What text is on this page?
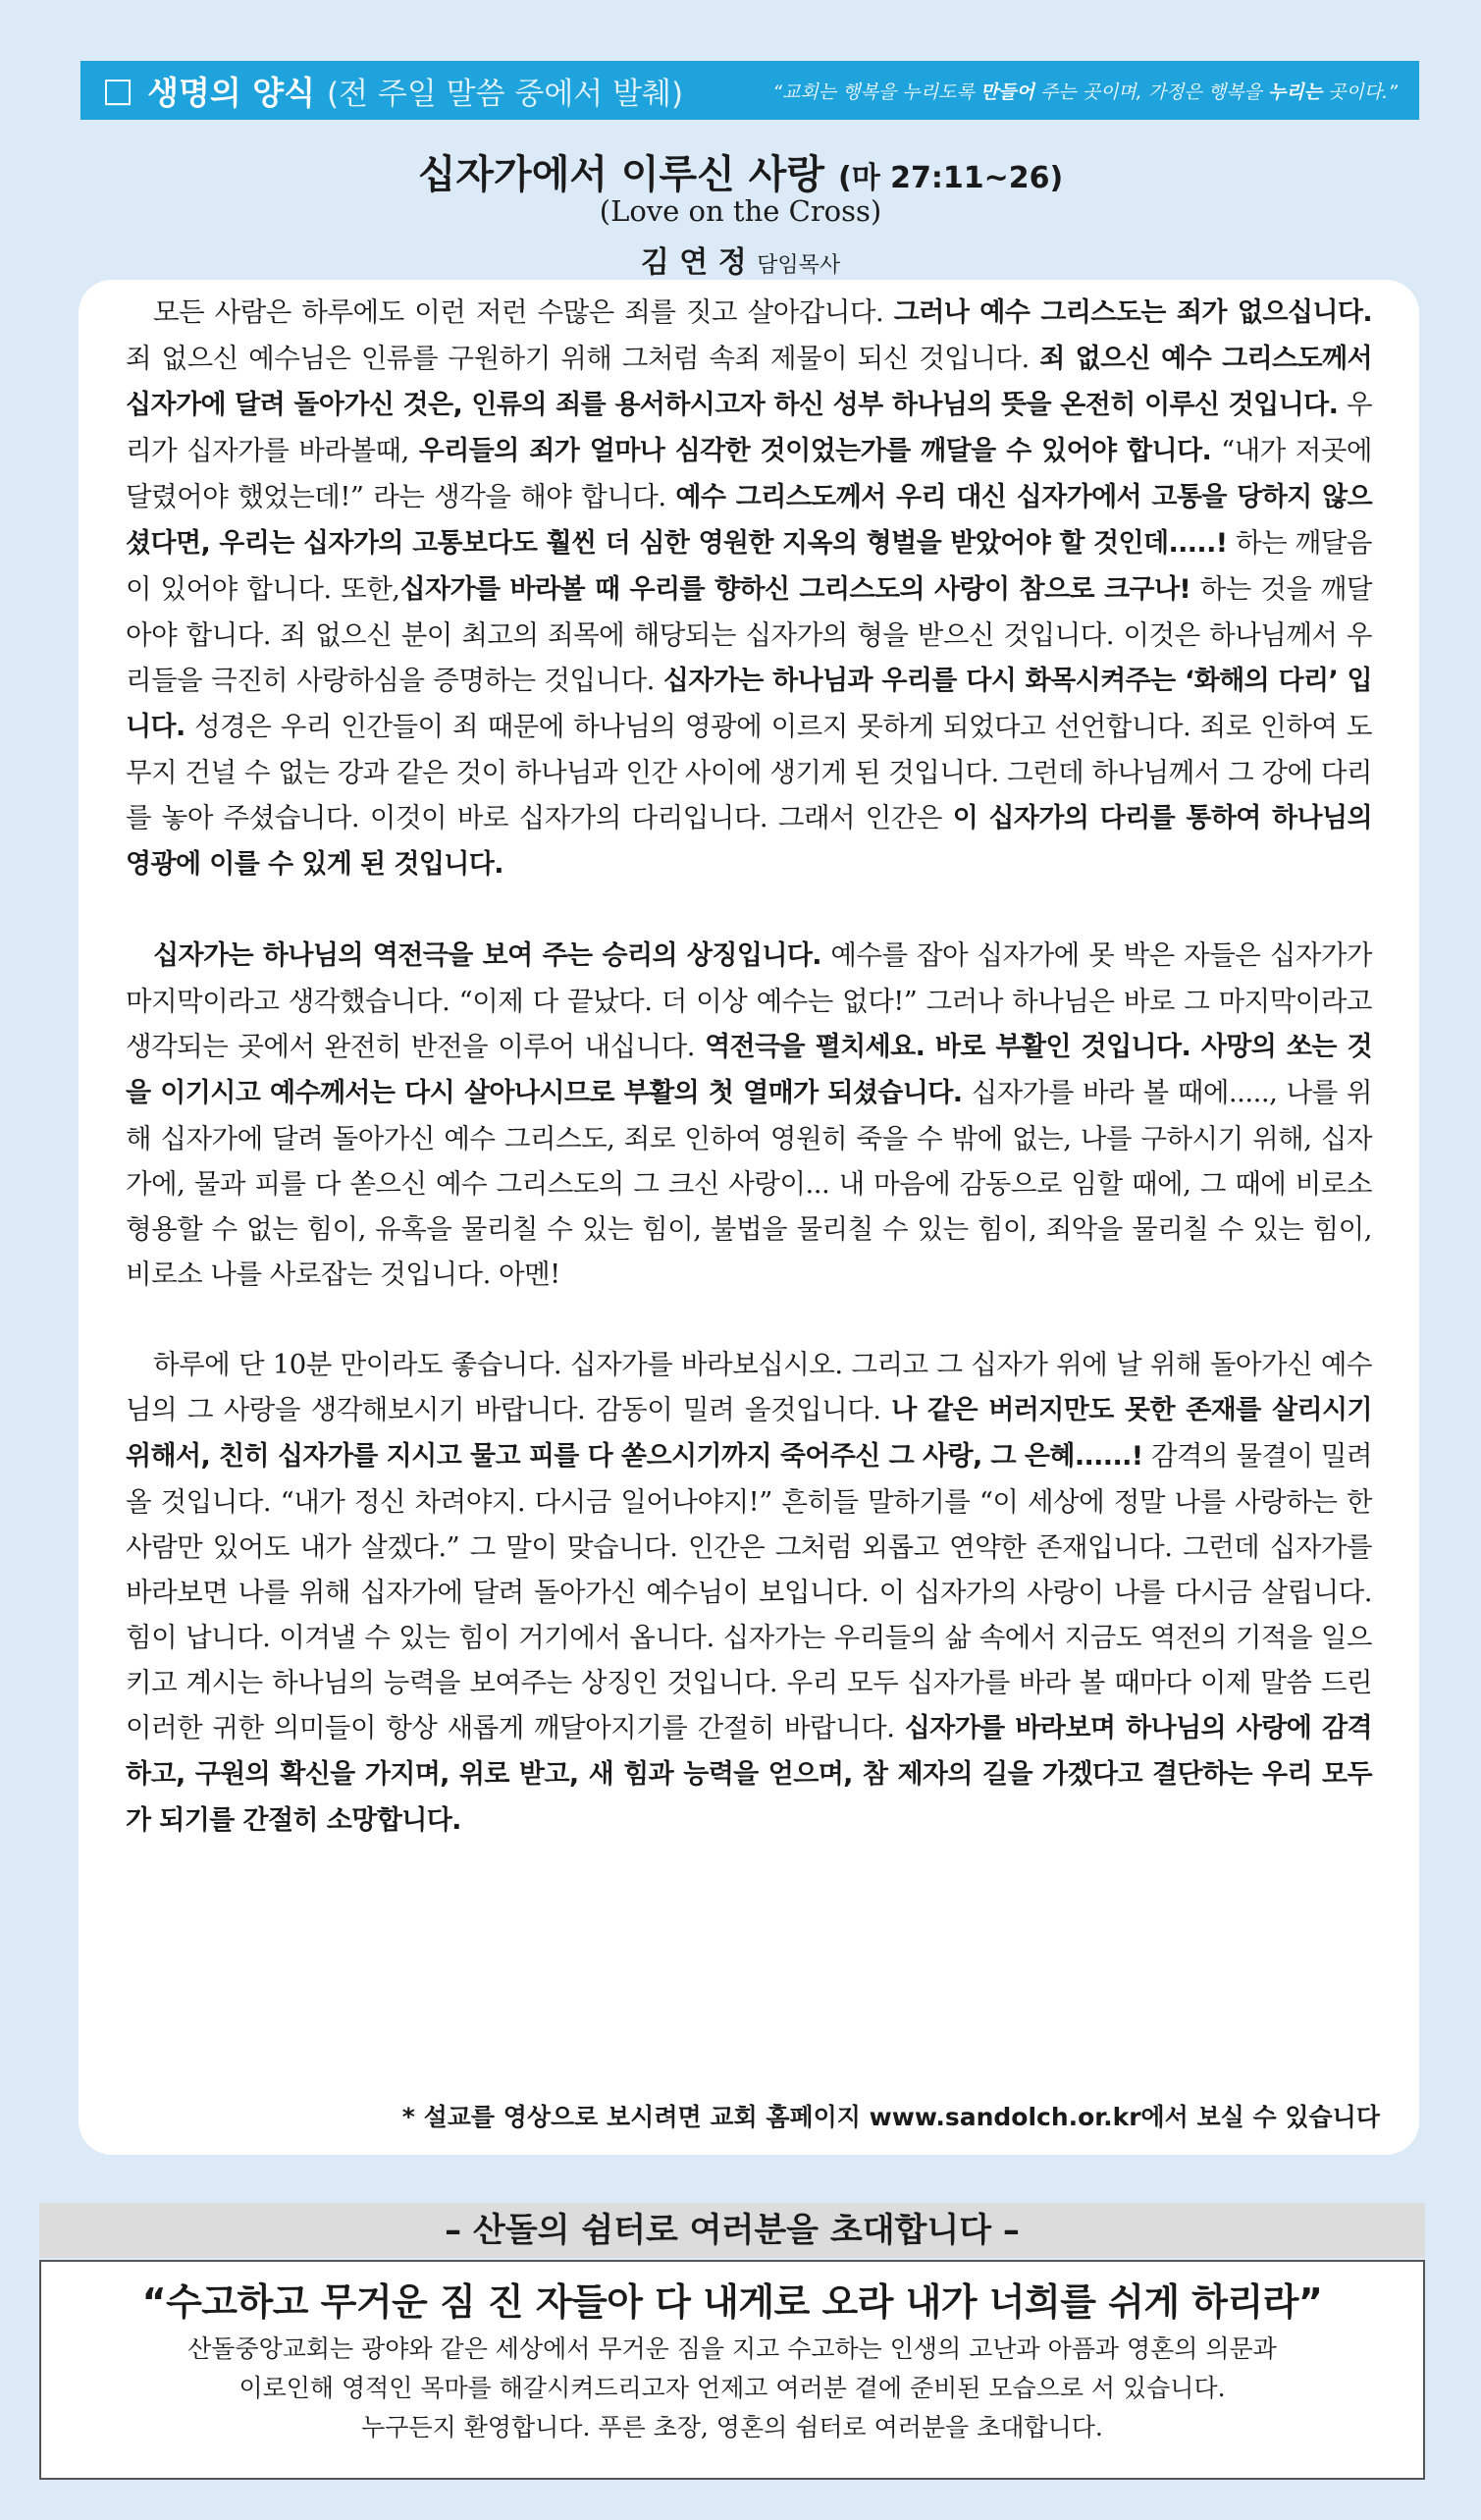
□ 생명의 양식 (전 주일 말씀 중에서 발췌)	“교회는 행복을 누리도록 만들어 주는 곳이며, 가정은 행복을 누리는 곳이다.”
십자가에서 이루신 사랑 (마 27:11~26)
(Love on the Cross)
김 연 정 담임목사

모든 사람은 하루에도 이런 저런 수많은 죄를 짓고 살아갑니다. 그러나 예수 그리스도는 죄가 없으십니다. 죄 없으신 예수님은 인류를 구원하기 위해 그처럼 속죄 제물이 되신 것입니다. 죄 없으신 예수 그리스도께서 십자가에 달려 돌아가신 것은, 인류의 죄를 용서하시고자 하신 성부 하나님의 뜻을 온전히 이루신 것입니다. 우리가 십자가를 바라볼때, 우리들의 죄가 얼마나 심각한 것이었는가를 깨달을 수 있어야 합니다. “내가 저곳에 달렸어야 했었는데!” 라는 생각을 해야 합니다. 예수 그리스도께서 우리 대신 십자가에서 고통을 당하지 않으셨다면, 우리는 십자가의 고통보다도 훨씬 더 심한 영원한 지옥의 형벌을 받았어야 할 것인데.....! 하는 깨달음이 있어야 합니다. 또한,십자가를 바라볼 때 우리를 향하신 그리스도의 사랑이 참으로 크구나! 하는 것을 깨달아야 합니다. 죄 없으신 분이 최고의 죄목에 해당되는 십자가의 형을 받으신 것입니다. 이것은 하나님께서 우리들을 극진히 사랑하심을 증명하는 것입니다. 십자가는 하나님과 우리를 다시 화목시켜주는 ‘화해의 다리’ 입니다. 성경은 우리 인간들이 죄 때문에 하나님의 영광에 이르지 못하게 되었다고 선언합니다. 죄로 인하여 도무지 건널 수 없는 강과 같은 것이 하나님과 인간 사이에 생기게 된 것입니다. 그런데 하나님께서 그 강에 다리를 놓아 주셨습니다. 이것이 바로 십자가의 다리입니다. 그래서 인간은 이 십자가의 다리를 통하여 하나님의 영광에 이를 수 있게 된 것입니다.

십자가는 하나님의 역전극을 보여 주는 승리의 상징입니다. 예수를 잡아 십자가에 못 박은 자들은 십자가가 마지막이라고 생각했습니다. “이제 다 끝났다. 더 이상 예수는 없다!” 그러나 하나님은 바로 그 마지막이라고 생각되는 곳에서 완전히 반전을 이루어 내십니다. 역전극을 펼치세요. 바로 부활인 것입니다. 사망의 쏘는 것을 이기시고 예수께서는 다시 살아나시므로 부활의 첫 열매가 되셨습니다. 십자가를 바라 볼 때에....., 나를 위해 십자가에 달려 돌아가신 예수 그리스도, 죄로 인하여 영원히 죽을 수 밖에 없는, 나를 구하시기 위해, 십자가에, 물과 피를 다 쏟으신 예수 그리스도의 그 크신 사랑이... 내 마음에 감동으로 임할 때에, 그 때에 비로소 형용할 수 없는 힘이, 유혹을 물리칠 수 있는 힘이, 불법을 물리칠 수 있는 힘이, 죄악을 물리칠 수 있는 힘이, 비로소 나를 사로잡는 것입니다. 아멘!

하루에 단 10분 만이라도 좋습니다. 십자가를 바라보십시오. 그리고 그 십자가 위에 날 위해 돌아가신 예수님의 그 사랑을 생각해보시기 바랍니다. 감동이 밀려 올것입니다. 나 같은 버러지만도 못한 존재를 살리시기 위해서, 친히 십자가를 지시고 물고 피를 다 쏟으시기까지 죽어주신 그 사랑, 그 은혜......! 감격의 물결이 밀려올 것입니다. “내가 정신 차려야지. 다시금 일어나야지!” 흔히들 말하기를 “이 세상에 정말 나를 사랑하는 한 사람만 있어도 내가 살겠다.” 그 말이 맞습니다. 인간은 그처럼 외롭고 연약한 존재입니다. 그런데 십자가를 바라보면 나를 위해 십자가에 달려 돌아가신 예수님이 보입니다. 이 십자가의 사랑이 나를 다시금 살립니다. 힘이 납니다. 이겨낼 수 있는 힘이 거기에서 옵니다. 십자가는 우리들의 삶 속에서 지금도 역전의 기적을 일으키고 계시는 하나님의 능력을 보여주는 상징인 것입니다. 우리 모두 십자가를 바라 볼 때마다 이제 말씀 드린 이러한 귀한 의미들이 항상 새롭게 깨달아지기를 간절히 바랍니다. 십자가를 바라보며 하나님의 사랑에 감격하고, 구원의 확신을 가지며, 위로 받고, 새 힘과 능력을 얻으며, 참 제자의 길을 가겠다고 결단하는 우리 모두가 되기를 간절히 소망합니다.

* 설교를 영상으로 보시려면 교회 홈페이지 www.sandolch.or.kr에서 보실 수 있습니다
– 산돌의 쉼터로 여러분을 초대합니다 –
“수고하고 무거운 짐 진 자들아 다 내게로 오라 내가 너희를 쉬게 하리라”
산돌중앙교회는 광야와 같은 세상에서 무거운 짐을 지고 수고하는 인생의 고난과 아픔과 영혼의 의문과
이로인해 영적인 목마를 해갈시켜드리고자 언제고 여러분 곁에 준비된 모습으로 서 있습니다.
누구든지 환영합니다. 푸른 초장, 영혼의 쉼터로 여러분을 초대합니다.
